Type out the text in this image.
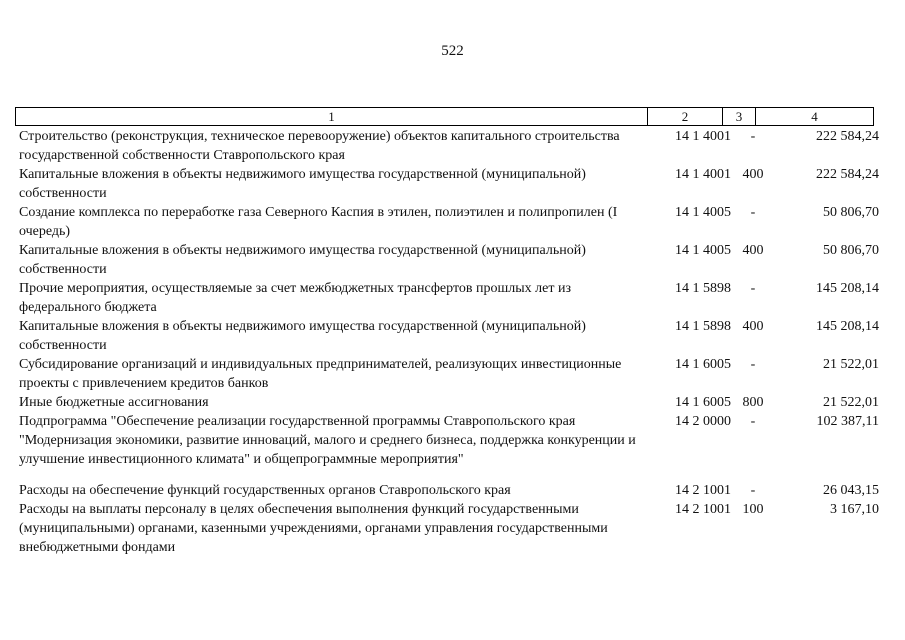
522
1	2	3	4
Строительство (реконструкция, техническое перевооружение) объектов капитального строительства государственной собственности Ставропольского края	14 1 4001	-	222 584,24
Капитальные вложения в объекты недвижимого имущества государственной (муниципальной) собственности	14 1 4001	400	222 584,24
Создание комплекса по переработке газа Северного Каспия в этилен, полиэтилен и полипропилен (I очередь)	14 1 4005	-	50 806,70
Капитальные вложения в объекты недвижимого имущества государственной (муниципальной) собственности	14 1 4005	400	50 806,70
Прочие мероприятия, осуществляемые за счет межбюджетных трансфертов прошлых лет из федерального бюджета	14 1 5898	-	145 208,14
Капитальные вложения в объекты недвижимого имущества государственной (муниципальной) собственности	14 1 5898	400	145 208,14
Субсидирование организаций и индивидуальных предпринимателей, реализующих инвестиционные проекты с привлечением кредитов банков	14 1 6005	-	21 522,01
Иные бюджетные ассигнования	14 1 6005	800	21 522,01
Подпрограмма "Обеспечение реализации государственной программы Ставропольского края "Модернизация экономики, развитие инноваций, малого и среднего бизнеса, поддержка конкуренции и улучшение инвестиционного климата" и общепрограммные мероприятия"	14 2 0000	-	102 387,11

Расходы на обеспечение функций государственных органов Ставропольского края	14 2 1001	-	26 043,15
Расходы на выплаты персоналу в целях обеспечения выполнения функций государственными (муниципальными) органами, казенными учреждениями, органами управления государственными внебюджетными фондами	14 2 1001	100	3 167,10
